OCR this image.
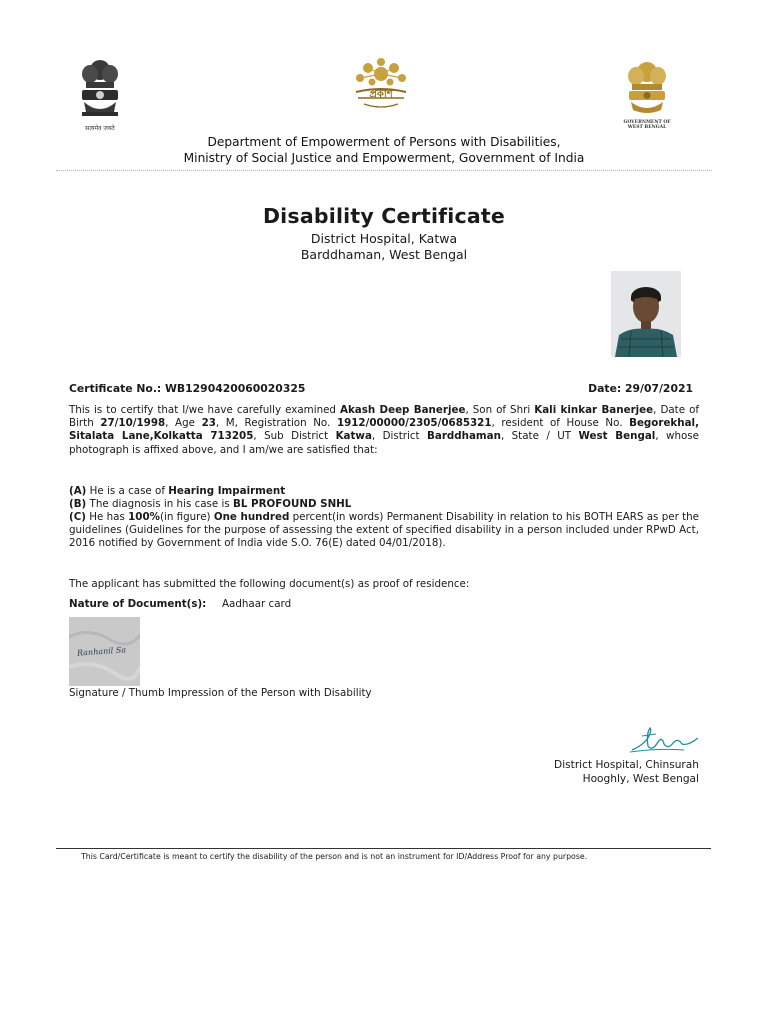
सत्यमेव जयते
প্রকাশ
GOVERNMENT OF
WEST BENGAL
Department of Empowerment of Persons with Disabilities,
Ministry of Social Justice and Empowerment, Government of India
Disability Certificate
District Hospital, Katwa
Barddhaman, West Bengal
Certificate No.: WB1290420060020325	Date: 29/07/2021
This is to certify that I/we have carefully examined Akash Deep Banerjee, Son of Shri Kali kinkar Banerjee, Date of Birth 27/10/1998, Age 23, M, Registration No. 1912/00000/2305/0685321, resident of House No. Begorekhal, Sitalata Lane,Kolkatta 713205, Sub District Katwa, District Barddhaman, State / UT West Bengal, whose photograph is affixed above, and I am/we are satisfied that:
(A) He is a case of Hearing Impairment
(B) The diagnosis in his case is BL PROFOUND SNHL
(C) He has 100%(in figure) One hundred percent(in words) Permanent Disability in relation to his BOTH EARS as per the guidelines (Guidelines for the purpose of assessing the extent of specified disability in a person included under RPwD Act, 2016 notified by Government of India vide S.O. 76(E) dated 04/01/2018).
The applicant has submitted the following document(s) as proof of residence:
Nature of Document(s): Aadhaar card
Ranhanil Sa
Signature / Thumb Impression of the Person with Disability
District Hospital, Chinsurah
Hooghly, West Bengal
This Card/Certificate is meant to certify the disability of the person and is not an instrument for ID/Address Proof for any purpose.
